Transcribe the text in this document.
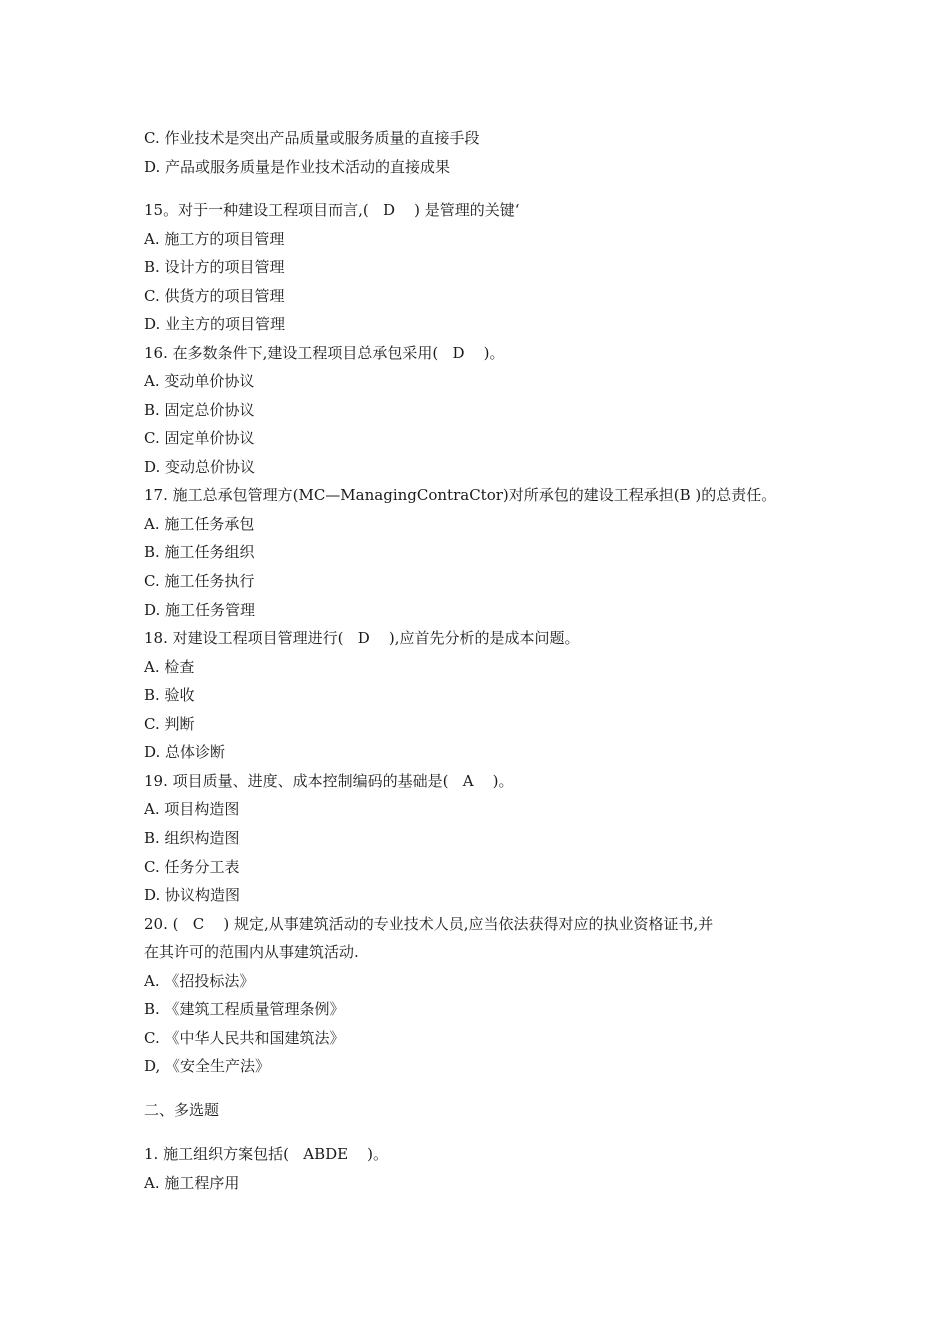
C. 作业技术是突出产品质量或服务质量的直接手段
D. 产品或服务质量是作业技术活动的直接成果
15。对于一种建设工程项目而言,(   D    ) 是管理的关键‘
A. 施工方的项目管理
B. 设计方的项目管理
C. 供货方的项目管理
D. 业主方的项目管理
16. 在多数条件下,建设工程项目总承包采用(   D    )。
A. 变动单价协议
B. 固定总价协议
C. 固定单价协议
D. 变动总价协议
17. 施工总承包管理方(MC—ManagingContraCtor)对所承包的建设工程承担(B )的总责任。
A. 施工任务承包
B. 施工任务组织
C. 施工任务执行
D. 施工任务管理
18. 对建设工程项目管理进行(   D    ),应首先分析的是成本问题。
A. 检查
B. 验收
C. 判断
D. 总体诊断
19. 项目质量、进度、成本控制编码的基础是(   A    )。
A. 项目构造图
B. 组织构造图
C. 任务分工表
D. 协议构造图
20. (   C    ) 规定,从事建筑活动的专业技术人员,应当依法获得对应的执业资格证书,并
在其许可的范围内从事建筑活动.
A. 《招投标法》
B. 《建筑工程质量管理条例》
C. 《中华人民共和国建筑法》
D, 《安全生产法》
二、多选题
1. 施工组织方案包括(   ABDE    )。
A. 施工程序用
